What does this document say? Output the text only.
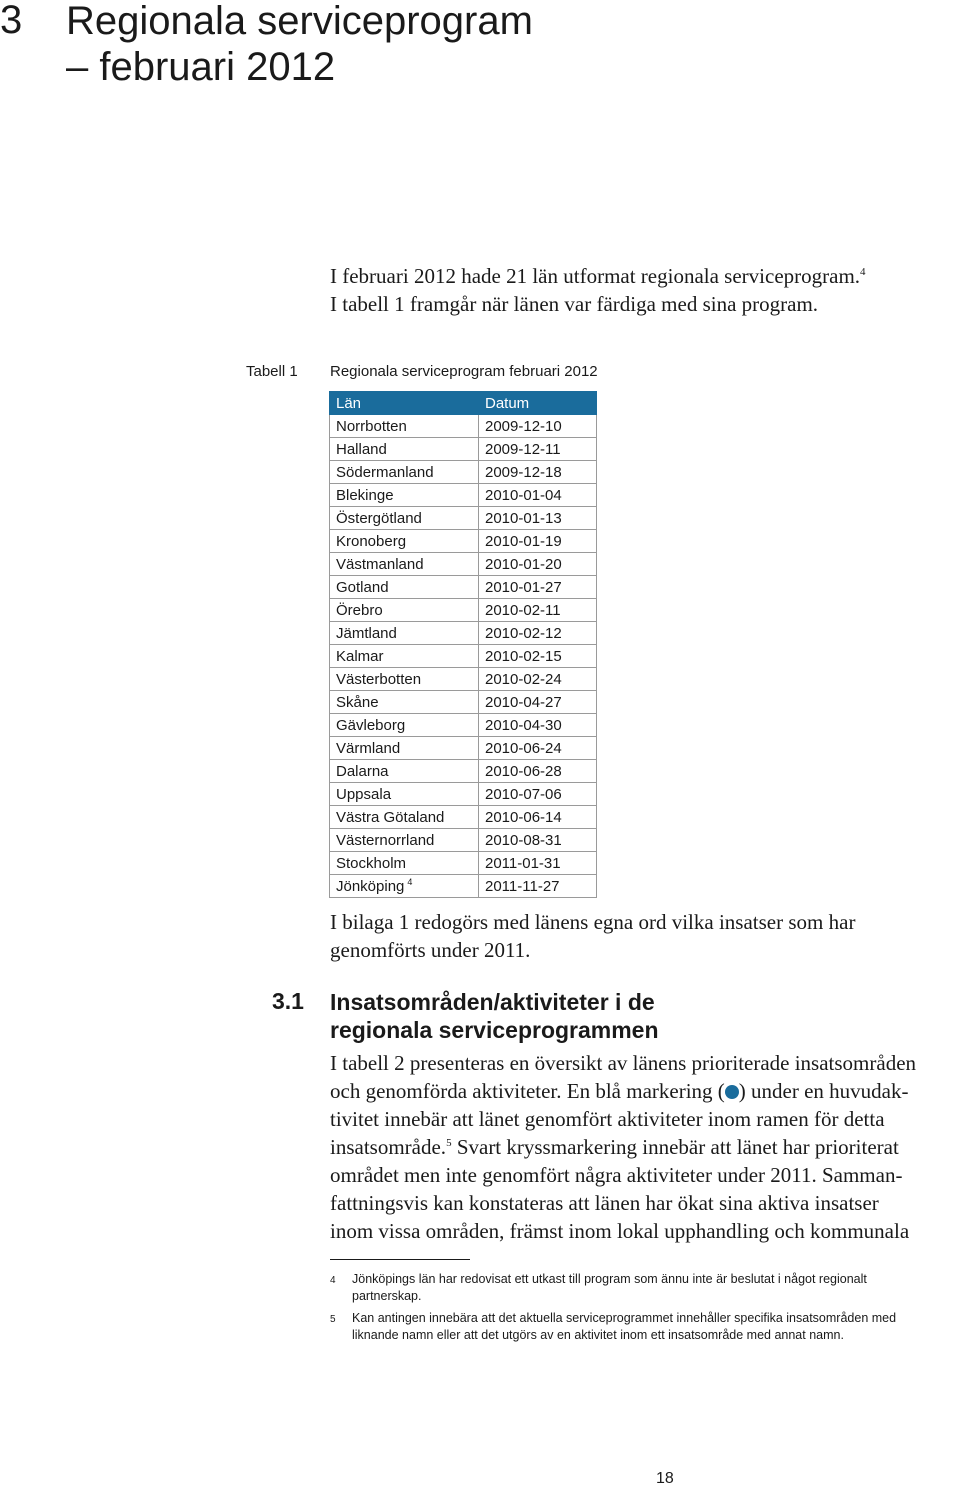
3 Regionala serviceprogram
– februari 2012
I februari 2012 hade 21 län utformat regionala serviceprogram.$^4$
I tabell 1 framgår när länen var färdiga med sina program.
Tabell 1 Regionala serviceprogram februari 2012
Län	Datum
Norrbotten	2009-12-10
Halland	2009-12-11
Södermanland	2009-12-18
Blekinge	2010-01-04
Östergötland	2010-01-13
Kronoberg	2010-01-19
Västmanland	2010-01-20
Gotland	2010-01-27
Örebro	2010-02-11
Jämtland	2010-02-12
Kalmar	2010-02-15
Västerbotten	2010-02-24
Skåne	2010-04-27
Gävleborg	2010-04-30
Värmland	2010-06-24
Dalarna	2010-06-28
Uppsala	2010-07-06
Västra Götaland	2010-06-14
Västernorrland	2010-08-31
Stockholm	2011-01-31
Jönköping $^4$	2011-11-27
I bilaga 1 redogörs med länens egna ord vilka insatser som har
genomförts under 2011.
3.1 Insatsområden/aktiviteter i de
regionala serviceprogrammen

I tabell 2 presenteras en översikt av länens prioriterade insatsområden

och genomförda aktiviteter. En blå markering ( ) under en huvudak-

tivitet innebär att länet genomfört aktiviteter inom ramen för detta

insatsområde.$^5$ Svart kryssmarkering innebär att länet har prioriterat

området men inte genomfört några aktiviteter under 2011. Samman-

fattningsvis kan konstateras att länen har ökat sina aktiva insatser

inom vissa områden, främst inom lokal upphandling och kommunala

4 Jönköpings län har redovisat ett utkast till program som ännu inte är beslutat i något regionalt
partnerskap.
5 Kan antingen innebära att det aktuella serviceprogrammet innehåller specifika insatsområden med
liknande namn eller att det utgörs av en aktivitet inom ett insatsområde med annat namn.
18
